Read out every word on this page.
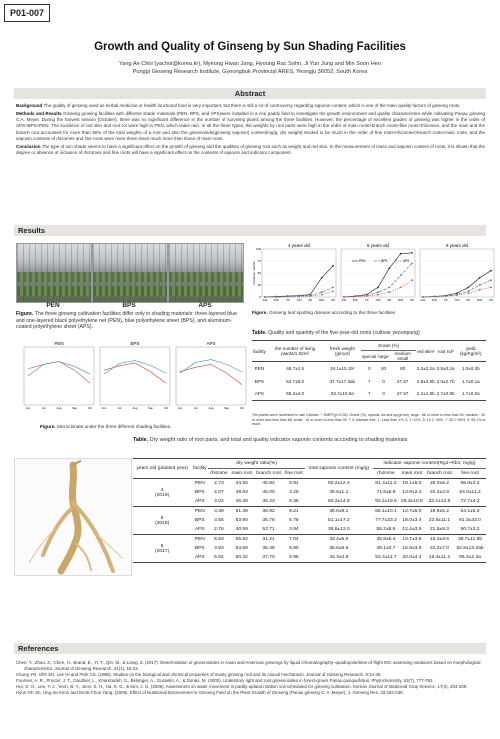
P01-007
Growth and Quality of Ginseng by Sun Shading Facilities
Yang Ae Choi (yachoi@korea.kr), Myeong Hwan Jang, Hyoung Rac Sohn, Ji Yun Jung and Min Soon Heo
Punggi Ginseng Research Institute, Gyeongbuk Provincial ARES, Yeongju 36052, South Korea
Abstract

Background The quality of ginseng used as herbal medicine or health functional food is very important, but there is still a lot of controversy regarding saponin content, which is one of the main quality factors of ginseng roots.

Methods and Results Ginseng growing facilities with different shade materials (PEN, BPS, and APS)were installed in a rice paddy field to investigate the growth environment and quality characteristics while cultivating Panax ginseng C.A. Meyer. During the harvest season (October), there was no significant difference in the number of surviving plants among the three facilities. However, the percentage of excellent grades of ginseng was higher in the order of APS>BPS>PEN. The incidence of red skin and root rot were high in PEN, which leaks rain. In all the three types, the weights by root parts were high in the order of main roots>branch roots>fine roots>rhizomes, and the main and the branch root accounted for more than 90% of the total weights of a root and also the ginsenoside(ginseng saponin) content(mg/g, dry weight) tended to be much in the order of fine roots>rhizomes>branch roots>main roots, and the saponin contents of rhizomes and fine roots were more three times much more than those of main roots.

Conclusion The type of sun shade seems to have a significant effect on the growth of ginseng and the qualities of ginseng root such as weight and red skin. In the measurement of mass and saponin content of roots, it is shown that the degree or absence of inclusion of rhizomes and fine roots will have a significant effect on the contents of saponin and indicator component.

Results
PEN	BPS	APS
Figure. The three ginseng cultivation facilities differ only in shading materials: three-layered blue and one-layered black polyethylene net (PEN), blue polyethylene sheet (BPS), and aluminum-coated polyethylene sheet (APS).
4 years old
0
25
50
75
100
6/11 6/25	7/9	7/23	8/6	8/20	9/3
5 years old
6/11 6/25	7/9	7/23	8/6	8/20	9/3
6 years old
6/11 6/25	7/9	7/23	8/6	8/20	9/3
Incidence rate(%)
PEN	BPS	APS
Figure. Ginseng leaf spotting disease according to the three facilities
PEN
Jun	Jul	Aug	Sep	Oct
BPS
Jun	Jul	Aug	Sep	Oct
APS
Jun	Jul	Aug	Sep	Oct
Figure. Microclimate under the three different shading facilities.
Table. Quality and quantity of the five-year-old roots (cultivar yeounpung)
facility	the number of living plants/1.62m²	fresh weight (g/root)	Grade (%)			red skin²	root rot³	yield (kg/Kg/m²)
			special	large	medium small			
PEN	48.7±1.5	34.1±15.1b¹	0	20	80	3.3±2.2a	3.5±0.2a	1.0±0.2b
BPS	53.7±9.0	37.7±17.3ab	7	0	27 67	2.9±2.8b	3.0±2.7b	1.7±0.1a
APS	56.3±4.0	53.7±10.6a	7	0	27 67	2.2±1.8b	2.7±0.8b	1.7±0.0a
The plants were harvested in late October. ¹: DMRT(p<0.05). Grade (%), special: 6d and up(g/root), large : 68 or more to less than 94, medium : 50 or more and less than 68, small : 16 or more to less than 50. ²: 0: disease free, 1: Less than 1%, 3: 1~10%, 5: 10.1~30%, 7: 30.1~50%, 9: 50.1% or more.
Table. Dry weight ratio of root parts, and total and quality indicator saponin contents according to shading materials
years old (planted year)	facility	dry weight ratio(%)				total saponin content (mg/g)	indicator saponin content(Rg1+Rb1, mg/g)			
		rhizome	main root	branch root	fine root		rhizome	main root	branch root	fine root

4
(2019)	PEN	2.73	44.55	46.82	5.91	50.2±12.4	81.4±11.2	18.1±5.0	26.0±6.2	58.0±3.2
	BPS	2.07	49.63	45.00	3.29	39.6±1.1	71.5±6.9	13.9±2.4	22.4±3.9	64.0±11.2
	APS	3.02	46.40	45.23	5.36	60.2±14.8	93.2±19.5	26.3±10.8	33.1±12.6	72.7±4.2

5
(2018)	PEN	3.39	51.48	36.92	8.21	39.6±9.1	55.1±10.1	12.7±5.0	18.9±5.2	54.1±6.3
	BPS	3.55	53.90	36.78	5.78	51.1±17.2	77.7±33.2	18.0±3.4	23.5±11.1	81.3±33.0
	APS	2.76	40.59	52.71	3.94	36.6±12.0	55.2±8.6	12.4±3.5	21.5±9.3	50.7±3.2

6
(2017)	PEN	5.83	55.92	31.21	7.04	33.4±5.6	35.8±5.4	13.7±3.6	15.3±3.6	39.7±11.9b
	BPS	3.93	54.69	35.49	5.90	36.6±6.5	48.1±0.7	15.9±3.9	22.3±7.0	62.8±13.2ab
	APS	5.02	50.32	37.70	6.96	42.3±4.6	52.4±11.7	20.0±4.4	19.4±11.2	86.2±2.4a
References

Chen, Y., Zhao, Z., Chen, H., Brand, E., Yi, T., Qin, M., & Liang, Z. (2017). Determination of ginsenosides in Asian and American ginsengs by liquid chromatography–quadrupole/time-of-flight MS: assessing variations based on morphological characteristics. Journal of Ginseng Research, 41(1), 10-22.

Chung YR, Ohh SH, Lee IH and Park CS. (1985). Studies on the biological and chemical properties of musty ginseng root and its causal mechanism. Journal of Ginseng Research. 9:24-35.

Fournier, A. R., Proctor, J. T., Gauthier, L., Khanizadeh, S., Bélanger, A., Gosselin, A., & Dorais, M. (2003). Understory light and root ginsenosides in forest-grown Panax quinquefolius. Phytochemistry, 63(7), 777-782.

Hur, S. O., Lee, Y. J., Yeon, B. Y., Jeon, S. H., Ha, S. G., & Kim, J. G. (2009). Assessment on water movement in paddy-upland rotation soil scheduled for ginseng cultivation. Korean Journal of Medicinal Crop Science, 17(3), 204-209.

Hyun-Oh Jin, Ung-Jin Kim1 and Deok-Chun Yang. (2009). Effect of Nutritional Environment in Ginseng Field on the Plant Growth of Ginseng (Panax ginseng C. A. Meyer). J. Ginseng Res. 33:234-239.
